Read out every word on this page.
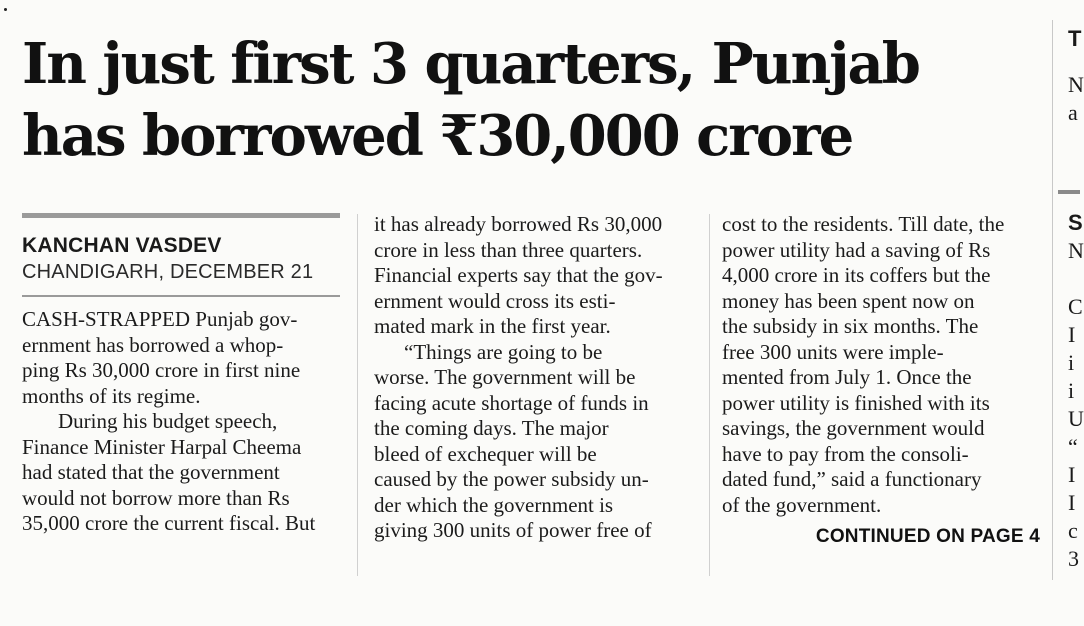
In just first 3 quarters, Punjab
has borrowed ₹30,000 crore
KANCHAN VASDEV
CHANDIGARH, DECEMBER 21

CASH-STRAPPED Punjab gov-
ernment has borrowed a whop-
ping Rs 30,000 crore in first nine
months of its regime.
During his budget speech,
Finance Minister Harpal Cheema
had stated that the government
would not borrow more than Rs
35,000 crore the current fiscal. But

it has already borrowed Rs 30,000
crore in less than three quarters.
Financial experts say that the gov-
ernment would cross its esti-
mated mark in the first year.
“Things are going to be
worse. The government will be
facing acute shortage of funds in
the coming days. The major
bleed of exchequer will be
caused by the power subsidy un-
der which the government is
giving 300 units of power free of

cost to the residents. Till date, the
power utility had a saving of Rs
4,000 crore in its coffers but the
money has been spent now on
the subsidy in six months. The
free 300 units were imple-
mented from July 1. Once the
power utility is finished with its
savings, the government would
have to pay from the consoli-
dated fund,” said a functionary
of the government.

CONTINUED ON PAGE 4
T
N
a
S
N
C
I
i
i
U
“
I
I
c
3
